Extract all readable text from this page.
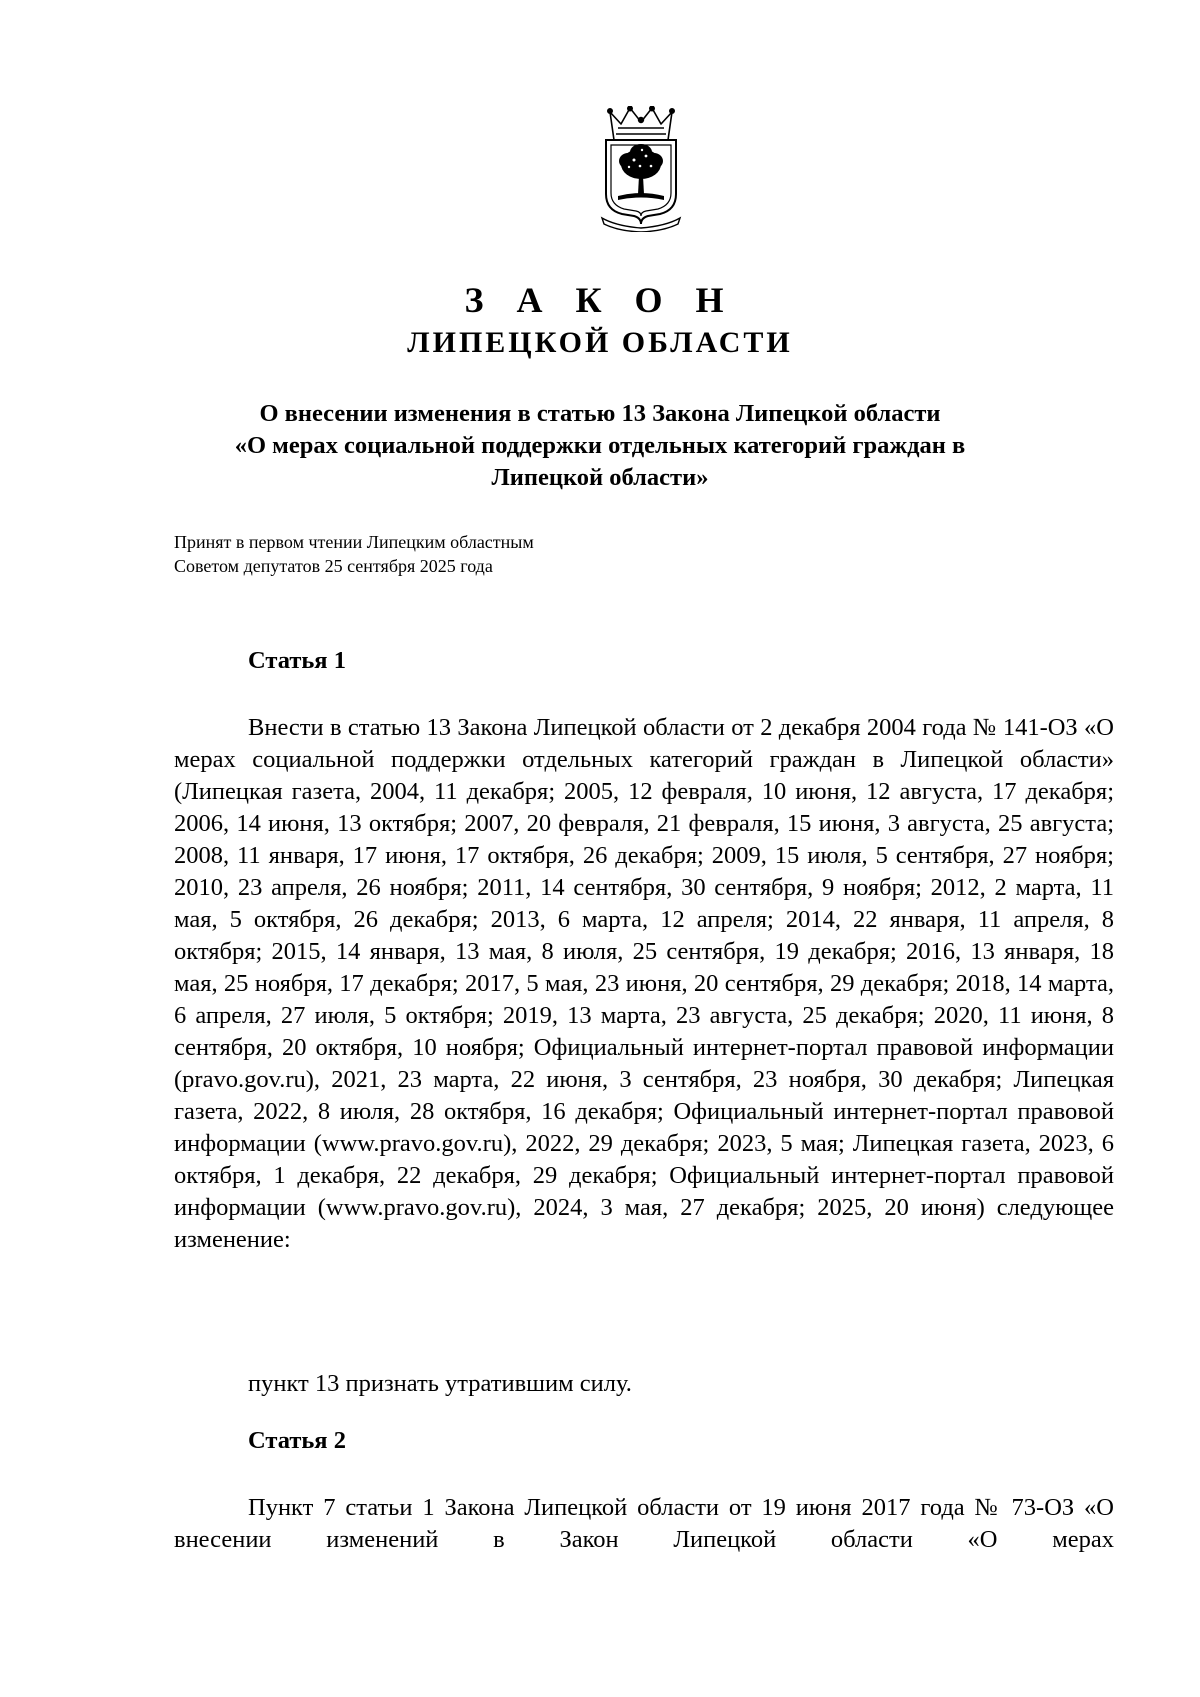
З А К О Н
ЛИПЕЦКОЙ ОБЛАСТИ
О внесении изменения в статью 13 Закона Липецкой области
«О мерах социальной поддержки отдельных категорий граждан в
Липецкой области»
Принят в первом чтении Липецким областным
Советом депутатов 25 сентября 2025 года
Статья 1

Внести в статью 13 Закона Липецкой области от 2 декабря 2004 года № 141-ОЗ «О мерах социальной поддержки отдельных категорий граждан в Липецкой области» (Липецкая газета, 2004, 11 декабря; 2005, 12 февраля, 10 июня, 12 августа, 17 декабря; 2006, 14 июня, 13 октября; 2007, 20 февраля, 21 февраля, 15 июня, 3 августа, 25 августа; 2008, 11 января, 17 июня, 17 октября, 26 декабря; 2009, 15 июля, 5 сентября, 27 ноября; 2010, 23 апреля, 26 ноября; 2011, 14 сентября, 30 сентября, 9 ноября; 2012, 2 марта, 11 мая, 5 октября, 26 декабря; 2013, 6 марта, 12 апреля; 2014, 22 января, 11 апреля, 8 октября; 2015, 14 января, 13 мая, 8 июля, 25 сентября, 19 декабря; 2016, 13 января, 18 мая, 25 ноября, 17 декабря; 2017, 5 мая, 23 июня, 20 сентября, 29 декабря; 2018, 14 марта, 6 апреля, 27 июля, 5 октября; 2019, 13 марта, 23 августа, 25 декабря; 2020, 11 июня, 8 сентября, 20 октября, 10 ноября; Официальный интернет-портал правовой информации (pravo.gov.ru), 2021, 23 марта, 22 июня, 3 сентября, 23 ноября, 30 декабря; Липецкая газета, 2022, 8 июля, 28 октября, 16 декабря; Официальный интернет-портал правовой информации (www.pravo.gov.ru), 2022, 29 декабря; 2023, 5 мая; Липецкая газета, 2023, 6 октября, 1 декабря, 22 декабря, 29 декабря; Официальный интернет-портал правовой информации (www.pravo.gov.ru), 2024, 3 мая, 27 декабря; 2025, 20 июня) следующее изменение:

пункт 13 признать утратившим силу.

Статья 2

Пункт 7 статьи 1 Закона Липецкой области от 19 июня 2017 года № 73-ОЗ «О внесении изменений в Закон Липецкой области «О мерах
